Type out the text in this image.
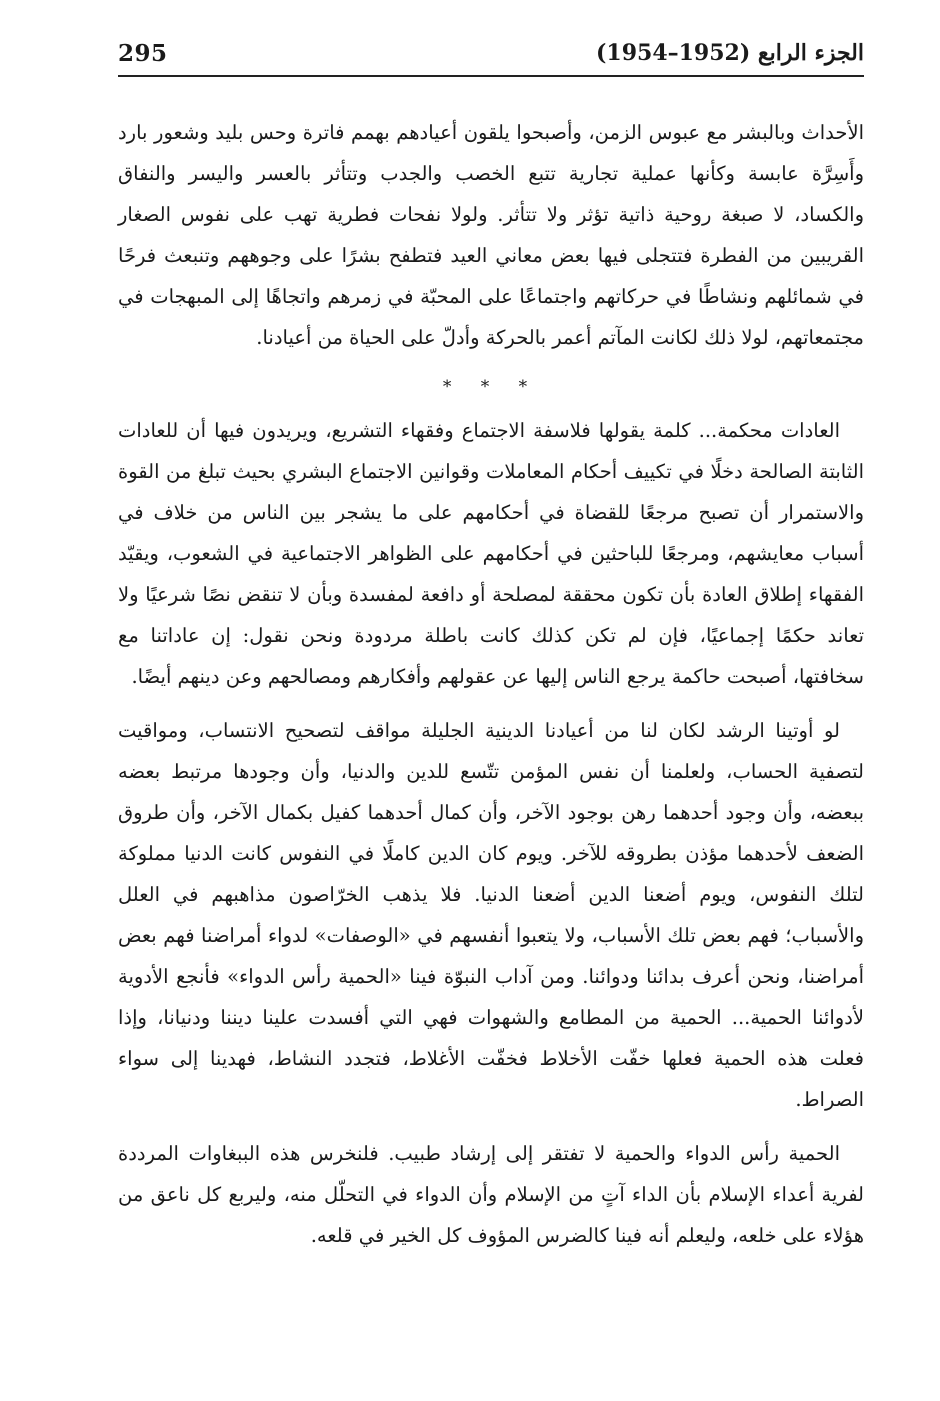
295	الجزء الرابع (1952–1954)

الأحداث وبالبشر مع عبوس الزمن، وأصبحوا يلقون أعيادهم بهمم فاترة وحس بليد وشعور بارد وأَسِرَّة عابسة وكأنها عملية تجارية تتبع الخصب والجدب وتتأثر بالعسر واليسر والنفاق والكساد، لا صبغة روحية ذاتية تؤثر ولا تتأثر. ولولا نفحات فطرية تهب على نفوس الصغار القريبين من الفطرة فتتجلى فيها بعض معاني العيد فتطفح بشرًا على وجوههم وتنبعث فرحًا في شمائلهم ونشاطًا في حركاتهم واجتماعًا على المحبّة في زمرهم واتجاهًا إلى المبهجات في مجتمعاتهم، لولا ذلك لكانت المآتم أعمر بالحركة وأدلّ على الحياة من أعيادنا.

* * *

العادات محكمة... كلمة يقولها فلاسفة الاجتماع وفقهاء التشريع، ويريدون فيها أن للعادات الثابتة الصالحة دخلًا في تكييف أحكام المعاملات وقوانين الاجتماع البشري بحيث تبلغ من القوة والاستمرار أن تصبح مرجعًا للقضاة في أحكامهم على ما يشجر بين الناس من خلاف في أسباب معايشهم، ومرجعًا للباحثين في أحكامهم على الظواهر الاجتماعية في الشعوب، ويقيّد الفقهاء إطلاق العادة بأن تكون محققة لمصلحة أو دافعة لمفسدة وبأن لا تنقض نصًا شرعيًا ولا تعاند حكمًا إجماعيًا، فإن لم تكن كذلك كانت باطلة مردودة ونحن نقول: إن عاداتنا مع سخافتها، أصبحت حاكمة يرجع الناس إليها عن عقولهم وأفكارهم ومصالحهم وعن دينهم أيضًا.

لو أوتينا الرشد لكان لنا من أعيادنا الدينية الجليلة مواقف لتصحيح الانتساب، ومواقيت لتصفية الحساب، ولعلمنا أن نفس المؤمن تتّسع للدين والدنيا، وأن وجودها مرتبط بعضه ببعضه، وأن وجود أحدهما رهن بوجود الآخر، وأن كمال أحدهما كفيل بكمال الآخر، وأن طروق الضعف لأحدهما مؤذن بطروقه للآخر. ويوم كان الدين كاملًا في النفوس كانت الدنيا مملوكة لتلك النفوس، ويوم أضعنا الدين أضعنا الدنيا. فلا يذهب الخرّاصون مذاهبهم في العلل والأسباب؛ فهم بعض تلك الأسباب، ولا يتعبوا أنفسهم في «الوصفات» لدواء أمراضنا فهم بعض أمراضنا، ونحن أعرف بدائنا ودوائنا. ومن آداب النبوّة فينا «الحمية رأس الدواء» فأنجع الأدوية لأدوائنا الحمية... الحمية من المطامع والشهوات فهي التي أفسدت علينا ديننا ودنيانا، وإذا فعلت هذه الحمية فعلها خفّت الأخلاط فخفّت الأغلاط، فتجدد النشاط، فهدينا إلى سواء الصراط.

الحمية رأس الدواء والحمية لا تفتقر إلى إرشاد طبيب. فلنخرس هذه الببغاوات المرددة لفرية أعداء الإسلام بأن الداء آتٍ من الإسلام وأن الدواء في التحلّل منه، وليربع كل ناعق من هؤلاء على خلعه، وليعلم أنه فينا كالضرس المؤوف كل الخير في قلعه.
